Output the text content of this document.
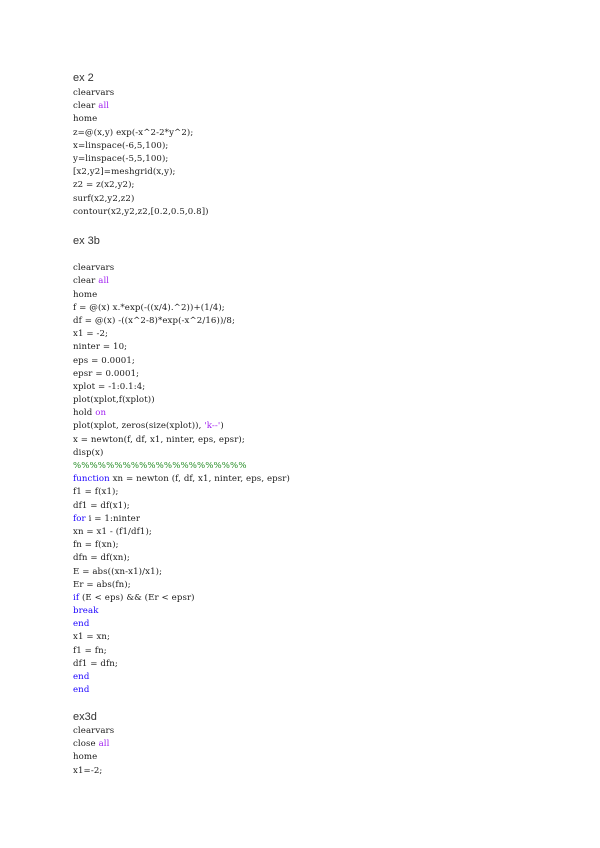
ex 2
clearvars
clear all
home
z=@(x,y) exp(-x^2-2*y^2);
x=linspace(-6,5,100);
y=linspace(-5,5,100);
[x2,y2]=meshgrid(x,y);
z2 = z(x2,y2);
surf(x2,y2,z2)
contour(x2,y2,z2,[0.2,0.5,0.8])
ex 3b
clearvars
clear all
home
f = @(x) x.*exp(-((x/4).^2))+(1/4);
df = @(x) -((x^2-8)*exp(-x^2/16))/8;
x1 = -2;
ninter = 10;
eps = 0.0001;
epsr = 0.0001;
xplot = -1:0.1:4;
plot(xplot,f(xplot))
hold on
plot(xplot, zeros(size(xplot)), 'k--')
x = newton(f, df, x1, ninter, eps, epsr);
disp(x)
%%%%%%%%%%%%%%%%%%%%%
function xn = newton (f, df, x1, ninter, eps, epsr)
f1 = f(x1);
df1 = df(x1);
for i = 1:ninter
xn = x1 - (f1/df1);
fn = f(xn);
dfn = df(xn);
E = abs((xn-x1)/x1);
Er = abs(fn);
if (E < eps) && (Er < epsr)
break
end
x1 = xn;
f1 = fn;
df1 = dfn;
end
end
ex3d
clearvars
close all
home
x1=-2;
